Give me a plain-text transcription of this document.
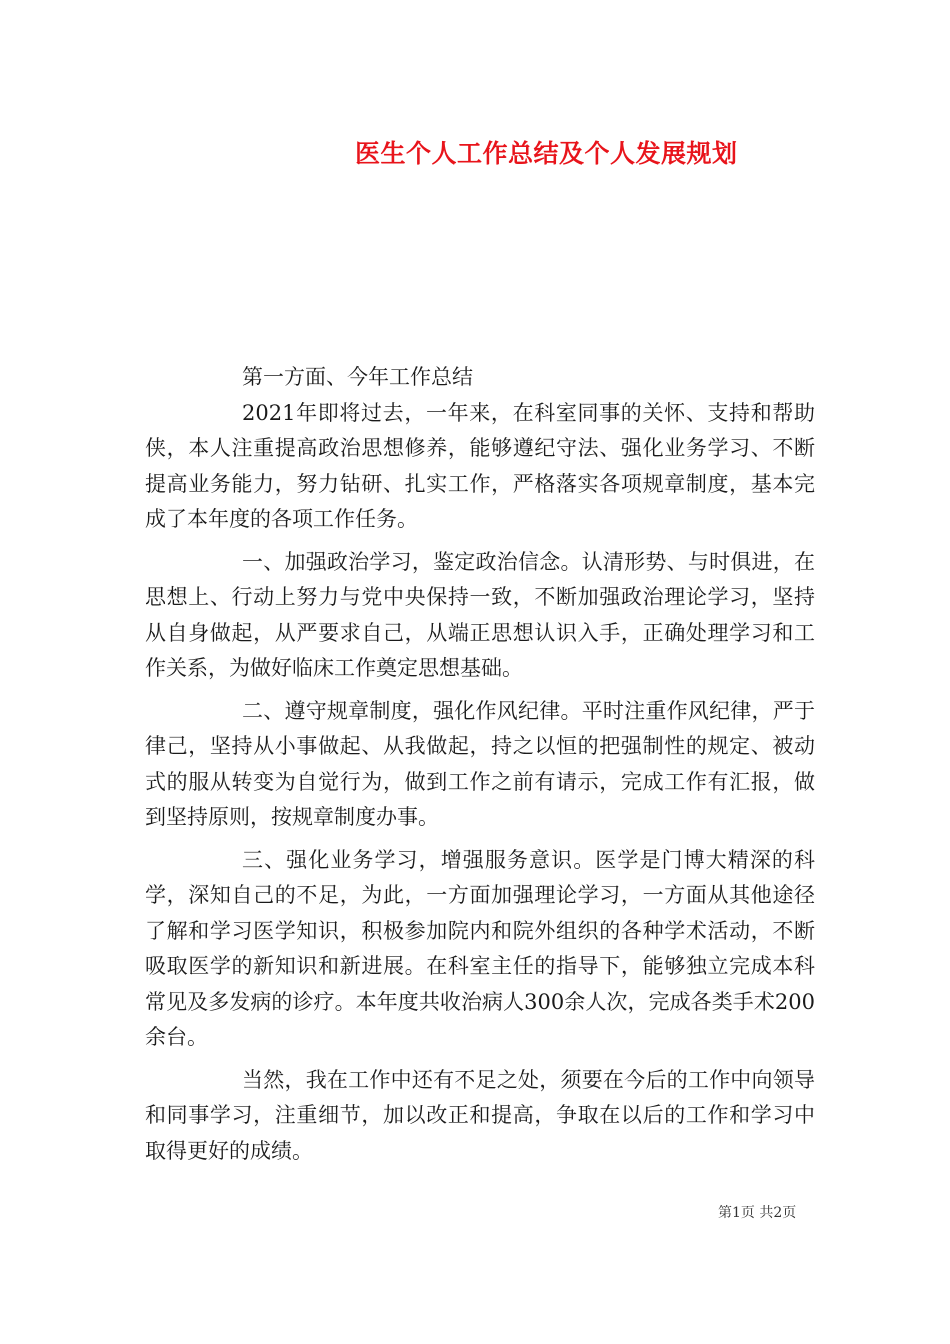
医生个人工作总结及个人发展规划

第一方面、今年工作总结

2021年即将过去，一年来，在科室同事的关怀、支持和帮助侠，本人注重提高政治思想修养，能够遵纪守法、强化业务学习、不断提高业务能力，努力钻研、扎实工作，严格落实各项规章制度，基本完成了本年度的各项工作任务。

一、加强政治学习，鉴定政治信念。认清形势、与时俱进，在思想上、行动上努力与党中央保持一致，不断加强政治理论学习，坚持从自身做起，从严要求自己，从端正思想认识入手，正确处理学习和工作关系，为做好临床工作奠定思想基础。

二、遵守规章制度，强化作风纪律。平时注重作风纪律，严于律己，坚持从小事做起、从我做起，持之以恒的把强制性的规定、被动式的服从转变为自觉行为，做到工作之前有请示，完成工作有汇报，做到坚持原则，按规章制度办事。

三、强化业务学习，增强服务意识。医学是门博大精深的科学，深知自己的不足，为此，一方面加强理论学习，一方面从其他途径了解和学习医学知识，积极参加院内和院外组织的各种学术活动，不断吸取医学的新知识和新进展。在科室主任的指导下，能够独立完成本科常见及多发病的诊疗。本年度共收治病人300余人次，完成各类手术200余台。

当然，我在工作中还有不足之处，须要在今后的工作中向领导和同事学习，注重细节，加以改正和提高，争取在以后的工作和学习中取得更好的成绩。

第1页 共2页
